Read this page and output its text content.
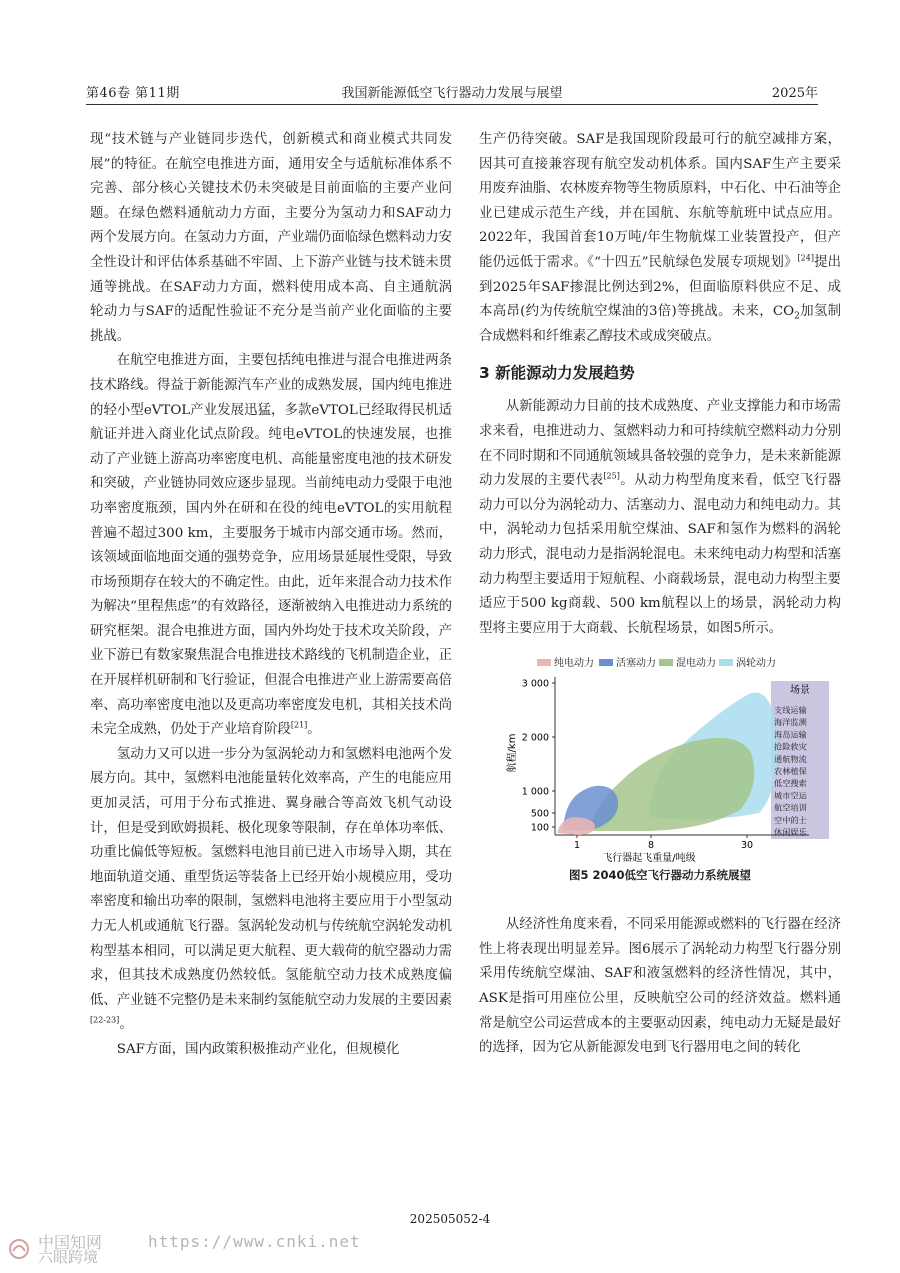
第46卷 第11期	我国新能源低空飞行器动力发展与展望	2025年

现“技术链与产业链同步迭代，创新模式和商业模式共同发展”的特征。在航空电推进方面，通用安全与适航标准体系不完善、部分核心关键技术仍未突破是目前面临的主要产业问题。在绿色燃料通航动力方面，主要分为氢动力和SAF动力两个发展方向。在氢动力方面，产业端仍面临绿色燃料动力安全性设计和评估体系基础不牢固、上下游产业链与技术链未贯通等挑战。在SAF动力方面，燃料使用成本高、自主通航涡轮动力与SAF的适配性验证不充分是当前产业化面临的主要挑战。

在航空电推进方面，主要包括纯电推进与混合电推进两条技术路线。得益于新能源汽车产业的成熟发展，国内纯电推进的轻小型eVTOL产业发展迅猛，多款eVTOL已经取得民机适航证并进入商业化试点阶段。纯电eVTOL的快速发展，也推动了产业链上游高功率密度电机、高能量密度电池的技术研发和突破，产业链协同效应逐步显现。当前纯电动力受限于电池功率密度瓶颈，国内外在研和在役的纯电eVTOL的实用航程普遍不超过300 km，主要服务于城市内部交通市场。然而，该领域面临地面交通的强势竞争，应用场景延展性受限，导致市场预期存在较大的不确定性。由此，近年来混合动力技术作为解决“里程焦虑”的有效路径，逐渐被纳入电推进动力系统的研究框架。混合电推进方面，国内外均处于技术攻关阶段，产业下游已有数家聚焦混合电推进技术路线的飞机制造企业，正在开展样机研制和飞行验证，但混合电推进产业上游需要高倍率、高功率密度电池以及更高功率密度发电机，其相关技术尚未完全成熟，仍处于产业培育阶段[21]。

氢动力又可以进一步分为氢涡轮动力和氢燃料电池两个发展方向。其中，氢燃料电池能量转化效率高，产生的电能应用更加灵活，可用于分布式推进、翼身融合等高效飞机气动设计，但是受到欧姆损耗、极化现象等限制，存在单体功率低、功重比偏低等短板。氢燃料电池目前已进入市场导入期，其在地面轨道交通、重型货运等装备上已经开始小规模应用，受功率密度和输出功率的限制，氢燃料电池将主要应用于小型氢动力无人机或通航飞行器。氢涡轮发动机与传统航空涡轮发动机构型基本相同，可以满足更大航程、更大载荷的航空器动力需求，但其技术成熟度仍然较低。氢能航空动力技术成熟度偏低、产业链不完整仍是未来制约氢能航空动力发展的主要因素[22-23]。

SAF方面，国内政策积极推动产业化，但规模化

生产仍待突破。SAF是我国现阶段最可行的航空减排方案，因其可直接兼容现有航空发动机体系。国内SAF生产主要采用废弃油脂、农林废弃物等生物质原料，中石化、中石油等企业已建成示范生产线，并在国航、东航等航班中试点应用。2022年，我国首套10万吨/年生物航煤工业装置投产，但产能仍远低于需求。《“十四五”民航绿色发展专项规划》[24]提出到2025年SAF掺混比例达到2%，但面临原料供应不足、成本高昂(约为传统航空煤油的3倍)等挑战。未来，$CO_2$加氢制合成燃料和纤维素乙醇技术或成突破点。

3 新能源动力发展趋势

从新能源动力目前的技术成熟度、产业支撑能力和市场需求来看，电推进动力、氢燃料动力和可持续航空燃料动力分别在不同时期和不同通航领域具备较强的竞争力，是未来新能源动力发展的主要代表[25]。从动力构型角度来看，低空飞行器动力可以分为涡轮动力、活塞动力、混电动力和纯电动力。其中，涡轮动力包括采用航空煤油、SAF和氢作为燃料的涡轮动力形式，混电动力是指涡轮混电。未来纯电动力构型和活塞动力构型主要适用于短航程、小商载场景，混电动力构型主要适应于500 kg商载、500 km航程以上的场景，涡轮动力构型将主要应用于大商载、长航程场景，如图5所示。

纯电动力 活塞动力 混电动力 涡轮动力
100
500
1 000
2 000
3 000
1	8	30
航程/km
飞行器起飞重量/吨级
场景
支线运输
海洋监测
海岛运输
抢险救灾
通航物流
农林植保
低空搜索
城市空运
航空培训
空中的士
休闲娱乐
图5 2040低空飞行器动力系统展望

从经济性角度来看，不同采用能源或燃料的飞行器在经济性上将表现出明显差异。图6展示了涡轮动力构型飞行器分别采用传统航空煤油、SAF和液氢燃料的经济性情况，其中，ASK是指可用座位公里，反映航空公司的经济效益。燃料通常是航空公司运营成本的主要驱动因素，纯电动力无疑是最好的选择，因为它从新能源发电到飞行器用电之间的转化

202505052-4
中国知网	https://www.cnki.net
六眼跨境
